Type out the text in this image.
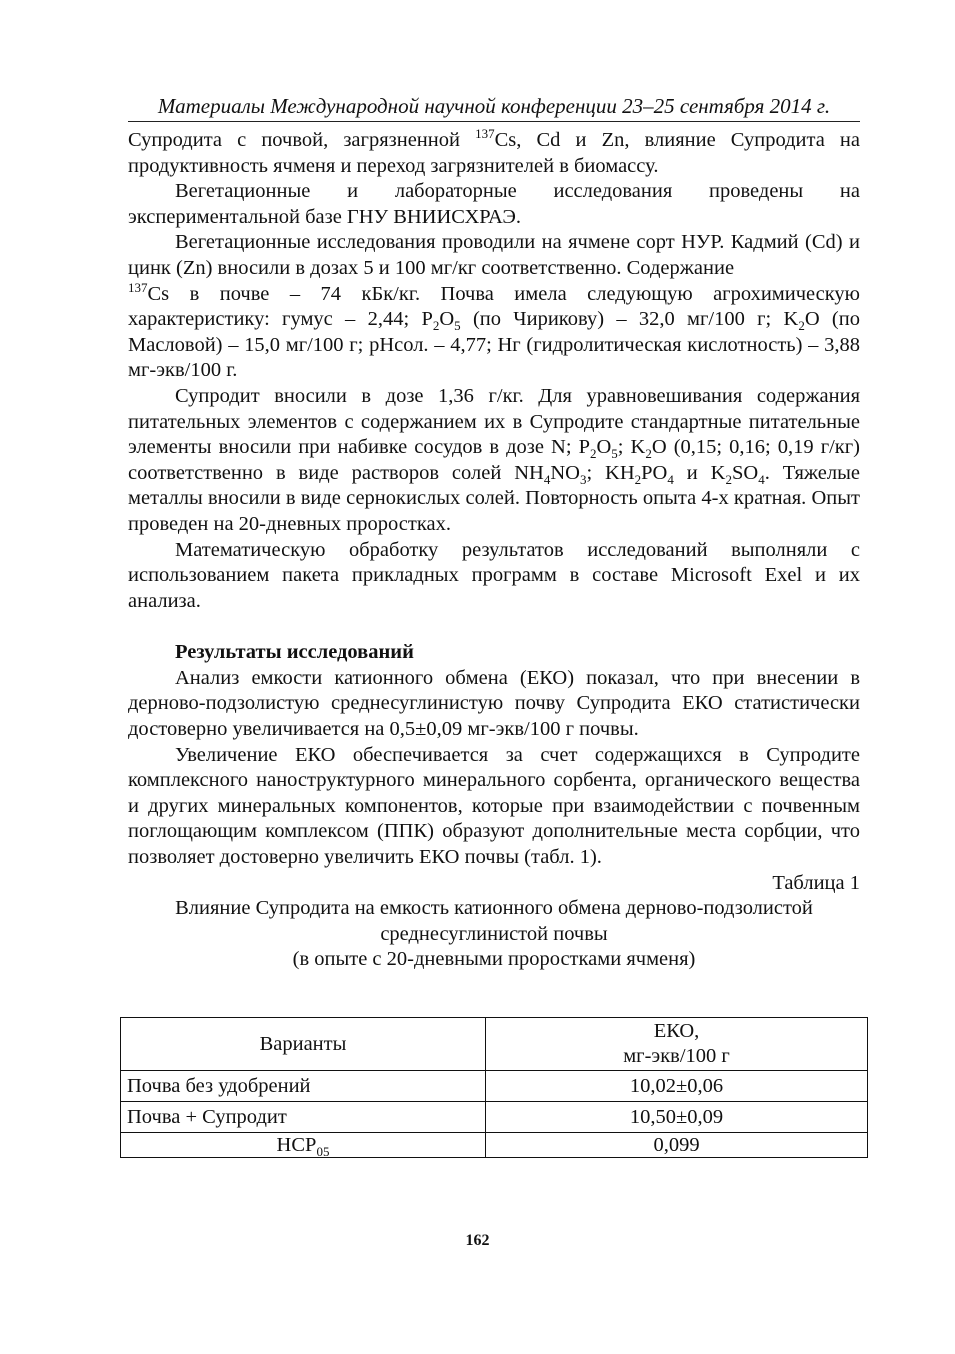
Материалы Международной научной конференции 23–25 сентября 2014 г.

Супродита с почвой, загрязненной $^{137}$Cs, Cd и Zn, влияние Супродита на продуктивность ячменя и переход загрязнителей в биомассу.

Вегетационные и лабораторные исследования проведены на экспериментальной базе ГНУ ВНИИСХРАЭ.

Вегетационные исследования проводили на ячмене сорт НУР. Кадмий (Cd) и цинк (Zn) вносили в дозах 5 и 100 мг/кг соответственно. Содержание
$^{137}$Cs в почве – 74 кБк/кг. Почва имела следующую агрохимическую характеристику: гумус – 2,44; $P_2O_5$ (по Чирикову) – 32,0 мг/100 г; $K_2O$ (по Масловой) – 15,0 мг/100 г; pHсол. – 4,77; Hг (гидролитическая кислотность) – 3,88 мг-экв/100 г.

Супродит вносили в дозе 1,36 г/кг. Для уравновешивания содержания питательных элементов с содержанием их в Супродите стандартные питательные элементы вносили при набивке сосудов в дозе N; $P_2O_5$; $K_2O$ (0,15; 0,16; 0,19 г/кг) соответственно в виде растворов солей $NH_4NO_3$; $KH_2PO_4$ и $K_2SO_4$. Тяжелые металлы вносили в виде сернокислых солей. Повторность опыта 4-х кратная. Опыт проведен на 20-дневных проростках.

Математическую обработку результатов исследований выполняли с использованием пакета прикладных программ в составе Microsoft Exel и их анализа.

Результаты исследований

Анализ емкости катионного обмена (ЕКО) показал, что при внесении в дерново-подзолистую среднесуглинистую почву Супродита ЕКО статистически достоверно увеличивается на 0,5±0,09 мг-экв/100 г почвы.

Увеличение ЕКО обеспечивается за счет содержащихся в Супродите комплексного наноструктурного минерального сорбента, органического вещества и других минеральных компонентов, которые при взаимодействии с почвенным поглощающим комплексом (ППК) образуют дополнительные места сорбции, что позволяет достоверно увеличить ЕКО почвы (табл. 1).

Таблица 1

Влияние Супродита на емкость катионного обмена дерново-подзолистой

среднесуглинистой почвы

(в опыте с 20-дневными проростками ячменя)

Варианты	ЕКО,
мг-экв/100 г
Почва без удобрений	10,02±0,06
Почва + Супродит	10,50±0,09
$НСР_{05}$	0,099
162
